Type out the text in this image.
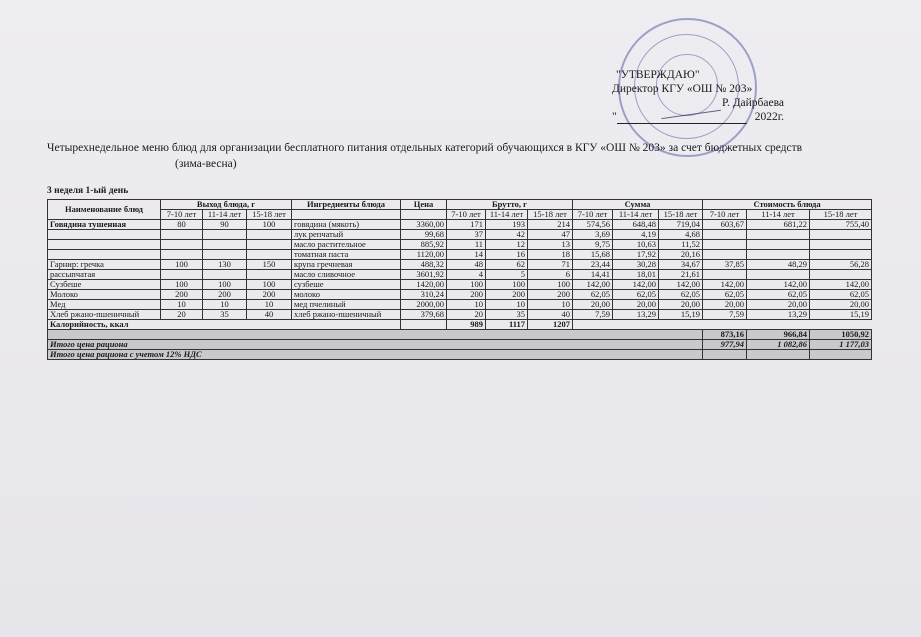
"УТВЕРЖДАЮ"
Директор КГУ «ОШ № 203»
Р. Дайрбаева
"	2022г.
Четырехнедельное меню блюд для организации бесплатного питания отдельных категорий обучающихся в КГУ «ОШ № 203» за счет бюджетных средств
(зима-весна)
3 неделя 1-ый день
Наименование блюд	Выход блюда, г			Ингредиенты блюда	Цена	Брутто, г			Сумма			Стоимость блюда		
	7-10 лет	11-14 лет	15-18 лет			7-10 лет	11-14 лет	15-18 лет	7-10 лет	11-14 лет	15-18 лет	7-10 лет	11-14 лет	15-18 лет

Говядина тушенная	80	90	100	говядина (мякоть)	3360,00	171	193	214	574,56	648,48	719,04	603,67	681,22	755,40
				лук репчатый	99,68	37	42	47	3,69	4,19	4,68			
				масло растительное	885,92	11	12	13	9,75	10,63	11,52			
				томатная паста	1120,00	14	16	18	15,68	17,92	20,16			
Гарнир: гречка	100	130	150	крупа гречневая	488,32	48	62	71	23,44	30,28	34,67	37,85	48,29	56,28
рассыпчатая				масло сливочное	3601,92	4	5	6	14,41	18,01	21,61			
Сузбеше	100	100	100	сузбеше	1420,00	100	100	100	142,00	142,00	142,00	142,00	142,00	142,00
Молоко	200	200	200	молоко	310,24	200	200	200	62,05	62,05	62,05	62,05	62,05	62,05
Мед	10	10	10	мед пчелиный	2000,00	10	10	10	20,00	20,00	20,00	20,00	20,00	20,00
Хлеб ржано-пшеничный	20	35	40	хлеб ржано-пшеничный	379,68	20	35	40	7,59	13,29	15,19	7,59	13,29	15,19
Калорийность, ккал						989	1117	1207						
												873,16	966,84	1050,92
Итого цена рациона												977,94	1 082,86	1 177,03
Итого цена рациона с учетом 12% НДС														
